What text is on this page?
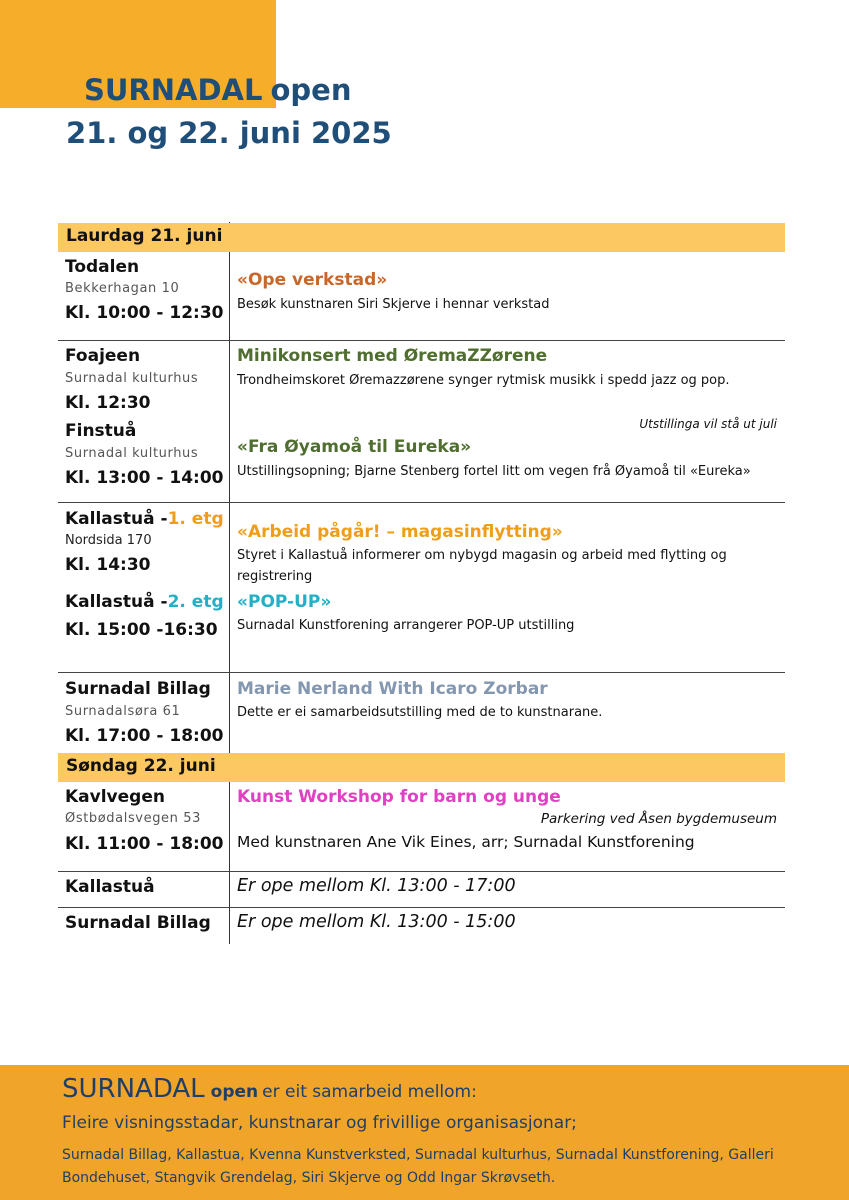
SURNADAL open
21. og 22. juni 2025
Laurdag 21. juni
Todalen
Bekkerhagan 10
Kl. 10:00 - 12:30
«Ope verkstad»
Besøk kunstnaren Siri Skjerve i hennar verkstad
Foajeen
Surnadal kulturhus
Kl. 12:30
Minikonsert med ØremaZZørene
Trondheimskoret Øremazzørene synger rytmisk musikk i spedd jazz og pop.
Finstuå
Surnadal kulturhus
Kl. 13:00 - 14:00
Utstillinga vil stå ut juli
«Fra Øyamoå til Eureka»
Utstillingsopning; Bjarne Stenberg fortel litt om vegen frå Øyamoå til «Eureka»
Kallastuå -1. etg
Nordsida 170
Kl. 14:30
«Arbeid pågår! – magasinflytting»
Styret i Kallastuå informerer om nybygd magasin og arbeid med flytting og registrering
Kallastuå -2. etg
Kl. 15:00 -16:30
«POP-UP»
Surnadal Kunstforening arrangerer POP-UP utstilling
Surnadal Billag
Surnadalsøra 61
Kl. 17:00 - 18:00
Marie Nerland With Icaro Zorbar
Dette er ei samarbeidsutstilling med de to kunstnarane.
Søndag 22. juni
Kavlvegen
Østbødalsvegen 53
Kl. 11:00 - 18:00
Kunst Workshop for barn og unge
Parkering ved Åsen bygdemuseum
Med kunstnaren Ane Vik Eines, arr; Surnadal Kunstforening
Kallastuå	Er ope mellom Kl. 13:00 - 17:00
Surnadal Billag Er ope mellom Kl. 13:00 - 15:00
SURNADAL open er eit samarbeid mellom:
Fleire visningsstadar, kunstnarar og frivillige organisasjonar;
Surnadal Billag, Kallastua, Kvenna Kunstverksted, Surnadal kulturhus, Surnadal Kunstforening, Galleri Bondehuset, Stangvik Grendelag, Siri Skjerve og Odd Ingar Skrøvseth.
